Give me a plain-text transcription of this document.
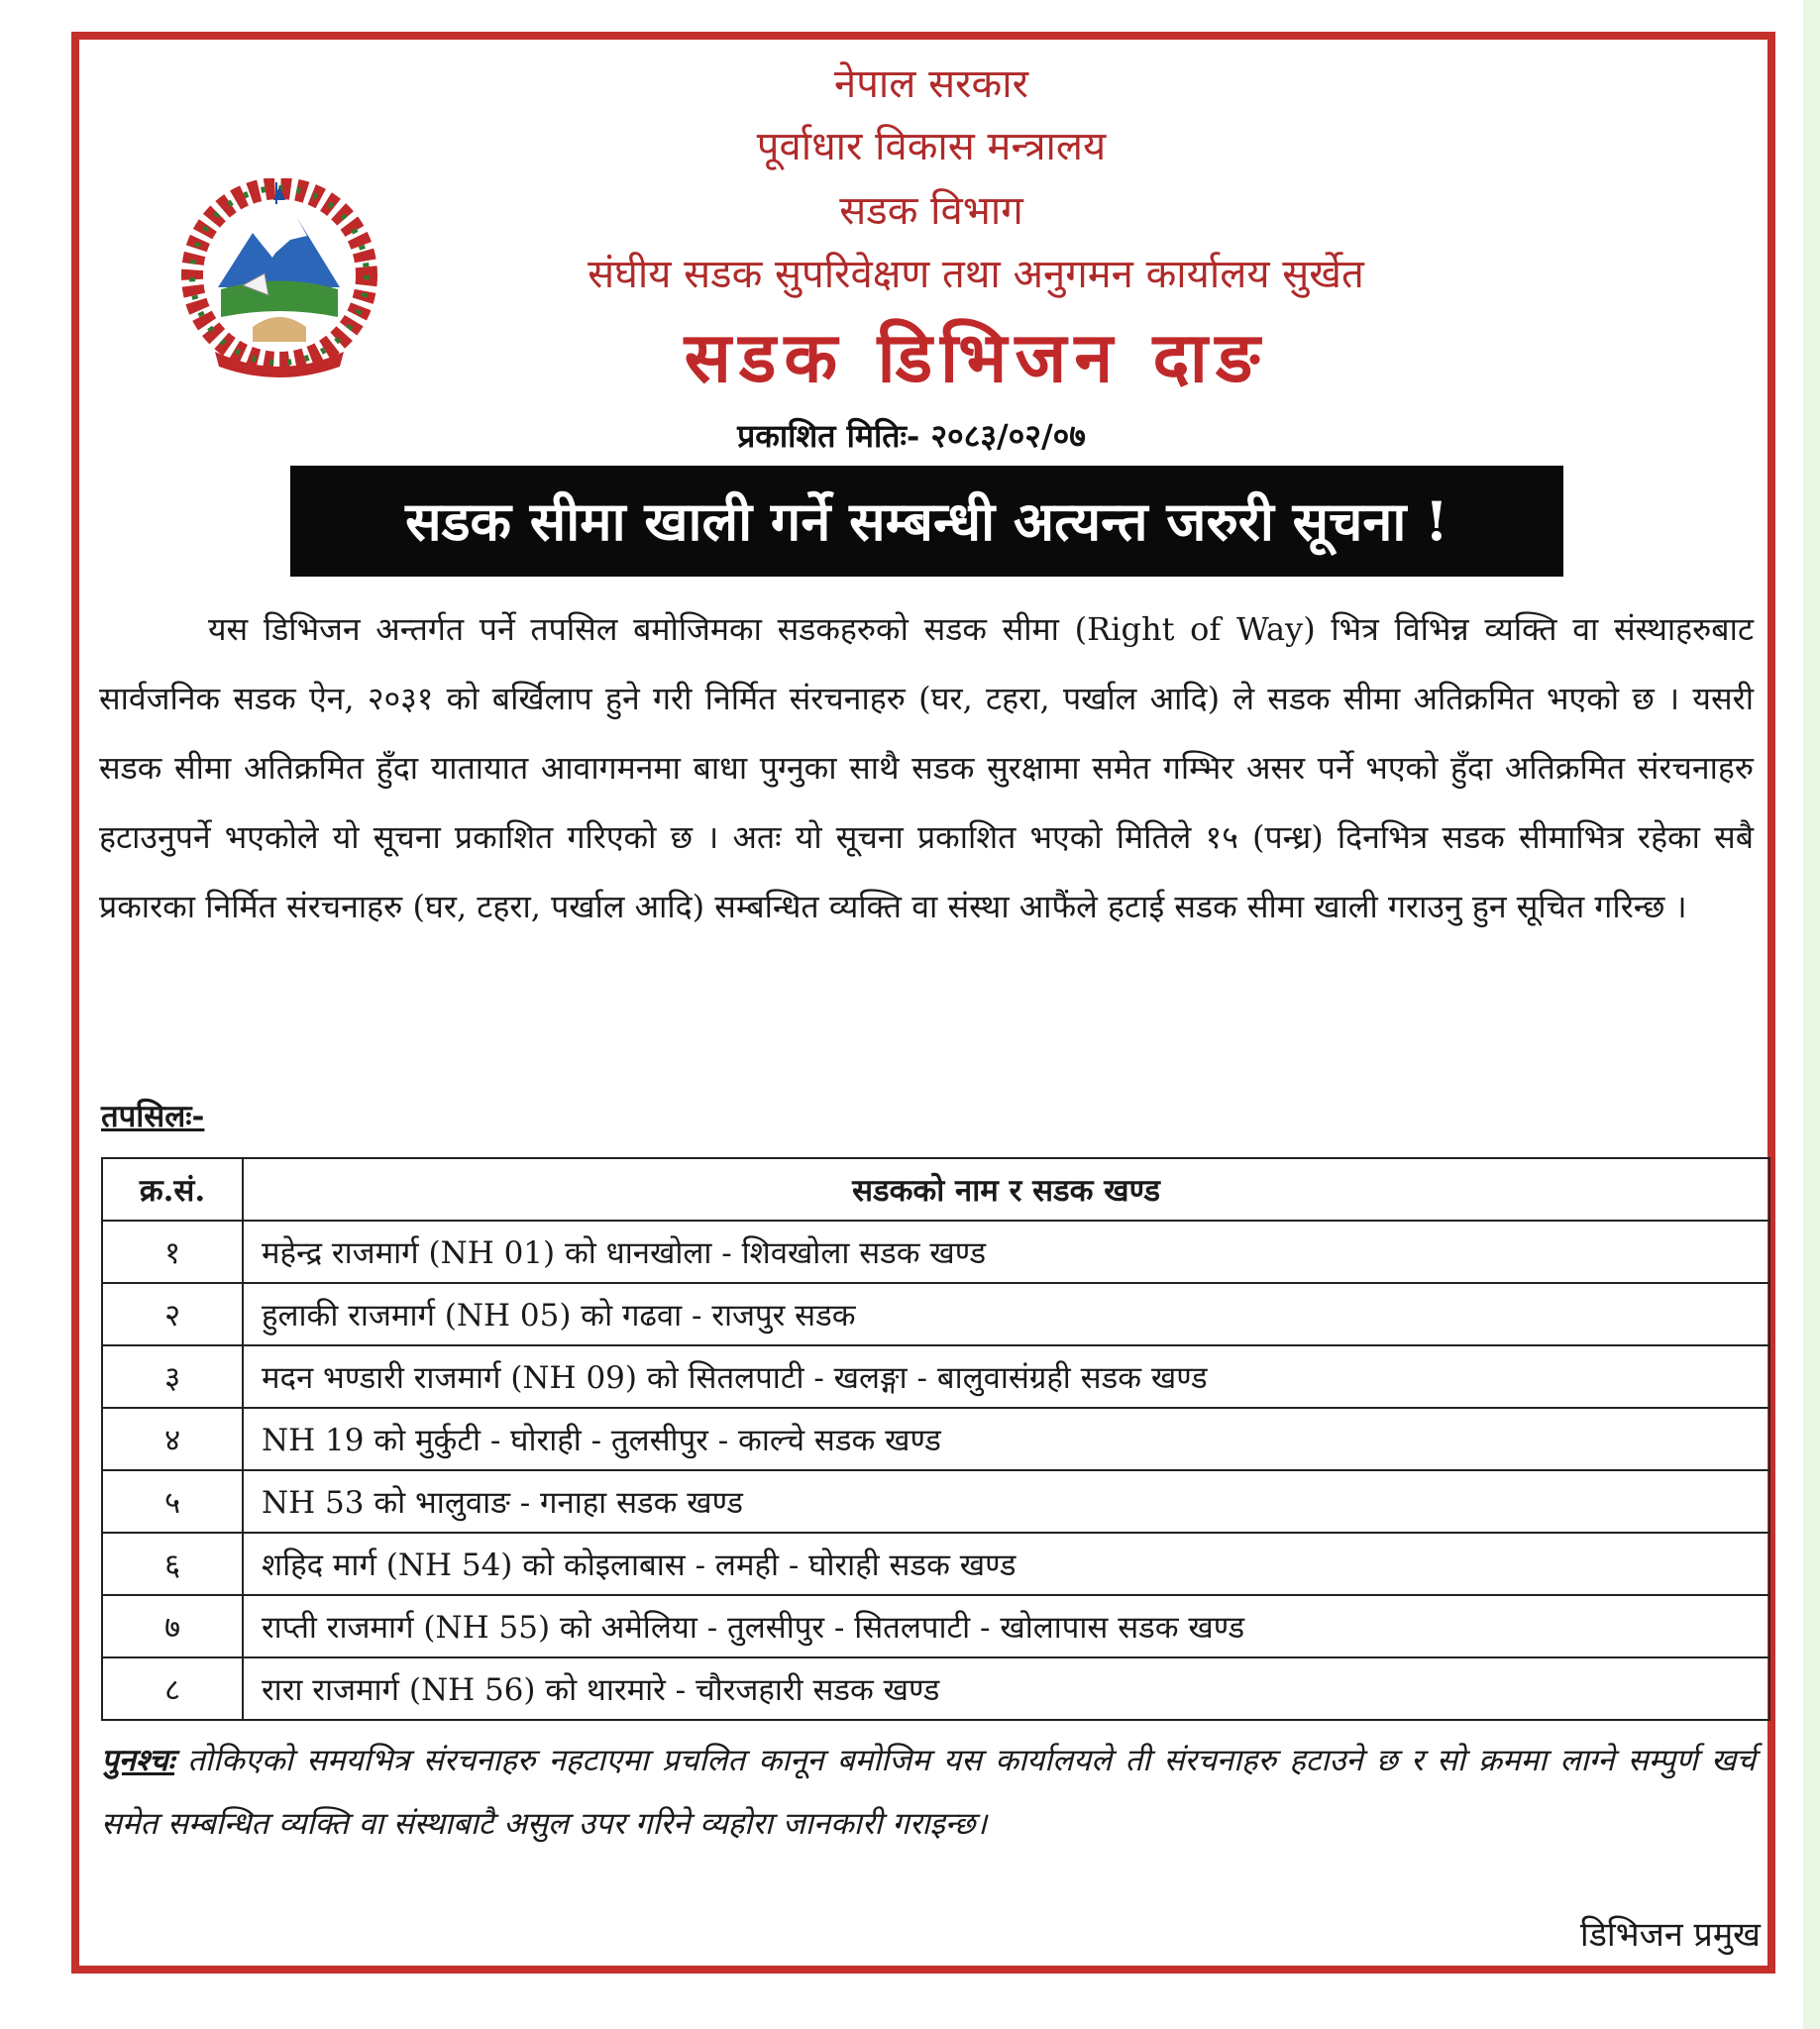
नेपाल सरकार
पूर्वाधार विकास मन्त्रालय
सडक विभाग
संघीय सडक सुपरिवेक्षण तथा अनुगमन कार्यालय सुर्खेत
सडक डिभिजन दाङ
प्रकाशित मितिः- २०८३/०२/०७
सडक सीमा खाली गर्ने सम्बन्धी अत्यन्त जरुरी सूचना !
यस डिभिजन अन्तर्गत पर्ने तपसिल बमोजिमका सडकहरुको सडक सीमा (Right of Way) भित्र विभिन्न व्यक्ति वा संस्थाहरुबाट सार्वजनिक सडक ऐन, २०३१ को बर्खिलाप हुने गरी निर्मित संरचनाहरु (घर, टहरा, पर्खाल आदि) ले सडक सीमा अतिक्रमित भएको छ । यसरी सडक सीमा अतिक्रमित हुँदा यातायात आवागमनमा बाधा पुग्नुका साथै सडक सुरक्षामा समेत गम्भिर असर पर्ने भएको हुँदा अतिक्रमित संरचनाहरु हटाउनुपर्ने भएकोले यो सूचना प्रकाशित गरिएको छ । अतः यो सूचना प्रकाशित भएको मितिले १५ (पन्ध्र) दिनभित्र सडक सीमाभित्र रहेका सबै प्रकारका निर्मित संरचनाहरु (घर, टहरा, पर्खाल आदि) सम्बन्धित व्यक्ति वा संस्था आफैंले हटाई सडक सीमा खाली गराउनु हुन सूचित गरिन्छ ।
तपसिलः-
क्र.सं.	सडकको नाम र सडक खण्ड
१	महेन्द्र राजमार्ग (NH 01) को धानखोला - शिवखोला सडक खण्ड
२	हुलाकी राजमार्ग (NH 05) को गढवा - राजपुर सडक
३	मदन भण्डारी राजमार्ग (NH 09) को सितलपाटी - खलङ्गा - बालुवासंग्रही सडक खण्ड
४	NH 19 को मुर्कुटी - घोराही - तुलसीपुर - काल्चे सडक खण्ड
५	NH 53 को भालुवाङ - गनाहा सडक खण्ड
६	शहिद मार्ग (NH 54) को कोइलाबास - लमही - घोराही सडक खण्ड
७	राप्ती राजमार्ग (NH 55) को अमेलिया - तुलसीपुर - सितलपाटी - खोलापास सडक खण्ड
८	रारा राजमार्ग (NH 56) को थारमारे - चौरजहारी सडक खण्ड
पुनश्चः तोकिएको समयभित्र संरचनाहरु नहटाएमा प्रचलित कानून बमोजिम यस कार्यालयले ती संरचनाहरु हटाउने छ र सो क्रममा लाग्ने सम्पुर्ण खर्च समेत सम्बन्धित व्यक्ति वा संस्थाबाटै असुल उपर गरिने व्यहोरा जानकारी गराइन्छ।
डिभिजन प्रमुख
